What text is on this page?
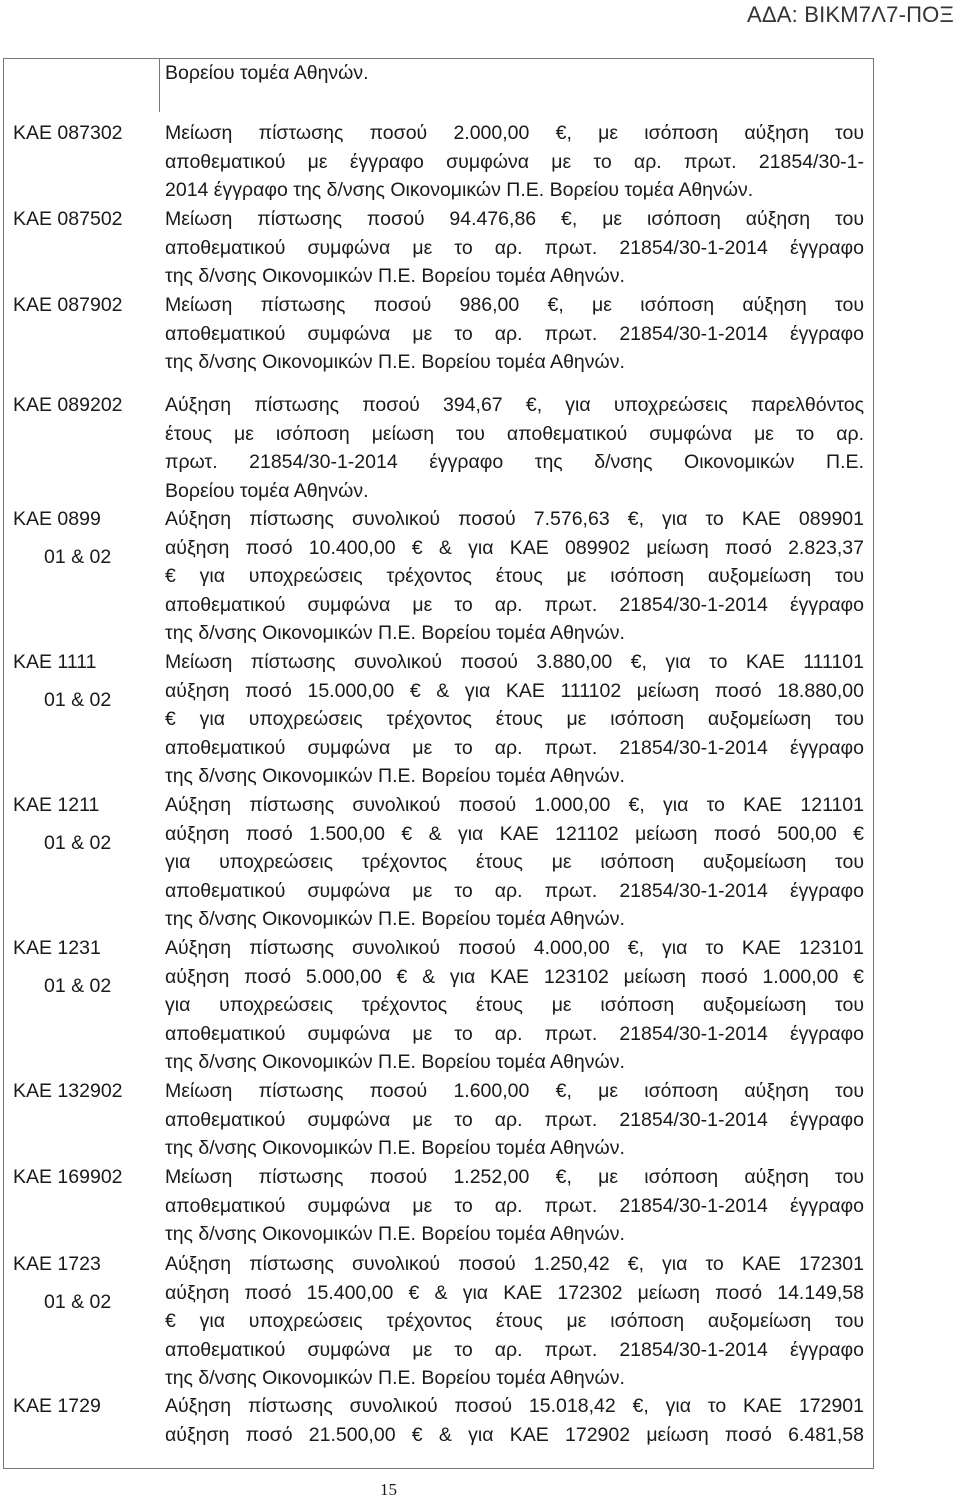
ΑΔΑ: ΒΙΚΜ7Λ7-ΠΟΞ
Βορείου τομέα Αθηνών.
ΚΑΕ 087302 Μείωση πίστωσης ποσού 2.000,00 €, με ισόποση αύξηση του
αποθεματικού με έγγραφο συμφώνα με το αρ. πρωτ. 21854/30-1-
2014 έγγραφο της δ/νσης Οικονομικών Π.Ε. Βορείου τομέα Αθηνών.
ΚΑΕ 087502 Μείωση πίστωσης ποσού 94.476,86 €, με ισόποση αύξηση του
αποθεματικού συμφώνα με το αρ. πρωτ. 21854/30-1-2014 έγγραφο
της δ/νσης Οικονομικών Π.Ε. Βορείου τομέα Αθηνών.
ΚΑΕ 087902 Μείωση πίστωσης ποσού 986,00 €, με ισόποση αύξηση του
αποθεματικού συμφώνα με το αρ. πρωτ. 21854/30-1-2014 έγγραφο
της δ/νσης Οικονομικών Π.Ε. Βορείου τομέα Αθηνών.
ΚΑΕ 089202 Αύξηση πίστωσης ποσού 394,67 €, για υποχρεώσεις παρελθόντος
έτους με ισόποση μείωση του αποθεματικού συμφώνα με το αρ.
πρωτ. 21854/30-1-2014 έγγραφο της δ/νσης Οικονομικών Π.Ε.
Βορείου τομέα Αθηνών.
ΚΑΕ 0899
01 & 02
Αύξηση πίστωσης συνολικού ποσού 7.576,63 €, για το ΚΑΕ 089901
αύξηση ποσό 10.400,00 € & για ΚΑΕ 089902 μείωση ποσό 2.823,37
€ για υποχρεώσεις τρέχοντος έτους με ισόποση αυξομείωση του
αποθεματικού συμφώνα με το αρ. πρωτ. 21854/30-1-2014 έγγραφο
της δ/νσης Οικονομικών Π.Ε. Βορείου τομέα Αθηνών.
ΚΑΕ 1111
01 & 02
Μείωση πίστωσης συνολικού ποσού 3.880,00 €, για το ΚΑΕ 111101
αύξηση ποσό 15.000,00 € & για ΚΑΕ 111102 μείωση ποσό 18.880,00
€ για υποχρεώσεις τρέχοντος έτους με ισόποση αυξομείωση του
αποθεματικού συμφώνα με το αρ. πρωτ. 21854/30-1-2014 έγγραφο
της δ/νσης Οικονομικών Π.Ε. Βορείου τομέα Αθηνών.
ΚΑΕ 1211
01 & 02
Αύξηση πίστωσης συνολικού ποσού 1.000,00 €, για το ΚΑΕ 121101
αύξηση ποσό 1.500,00 € & για ΚΑΕ 121102 μείωση ποσό 500,00 €
για υποχρεώσεις τρέχοντος έτους με ισόποση αυξομείωση του
αποθεματικού συμφώνα με το αρ. πρωτ. 21854/30-1-2014 έγγραφο
της δ/νσης Οικονομικών Π.Ε. Βορείου τομέα Αθηνών.
ΚΑΕ 1231
01 & 02
Αύξηση πίστωσης συνολικού ποσού 4.000,00 €, για το ΚΑΕ 123101
αύξηση ποσό 5.000,00 € & για ΚΑΕ 123102 μείωση ποσό 1.000,00 €
για υποχρεώσεις τρέχοντος έτους με ισόποση αυξομείωση του
αποθεματικού συμφώνα με το αρ. πρωτ. 21854/30-1-2014 έγγραφο
της δ/νσης Οικονομικών Π.Ε. Βορείου τομέα Αθηνών.
ΚΑΕ 132902 Μείωση πίστωσης ποσού 1.600,00 €, με ισόποση αύξηση του
αποθεματικού συμφώνα με το αρ. πρωτ. 21854/30-1-2014 έγγραφο
της δ/νσης Οικονομικών Π.Ε. Βορείου τομέα Αθηνών.
ΚΑΕ 169902 Μείωση πίστωσης ποσού 1.252,00 €, με ισόποση αύξηση του
αποθεματικού συμφώνα με το αρ. πρωτ. 21854/30-1-2014 έγγραφο
της δ/νσης Οικονομικών Π.Ε. Βορείου τομέα Αθηνών.
ΚΑΕ 1723
01 & 02
Αύξηση πίστωσης συνολικού ποσού 1.250,42 €, για το ΚΑΕ 172301
αύξηση ποσό 15.400,00 € & για ΚΑΕ 172302 μείωση ποσό 14.149,58
€ για υποχρεώσεις τρέχοντος έτους με ισόποση αυξομείωση του
αποθεματικού συμφώνα με το αρ. πρωτ. 21854/30-1-2014 έγγραφο
της δ/νσης Οικονομικών Π.Ε. Βορείου τομέα Αθηνών.
ΚΑΕ 1729	Αύξηση πίστωσης συνολικού ποσού 15.018,42 €, για το ΚΑΕ 172901
αύξηση ποσό 21.500,00 € & για ΚΑΕ 172902 μείωση ποσό 6.481,58
15
